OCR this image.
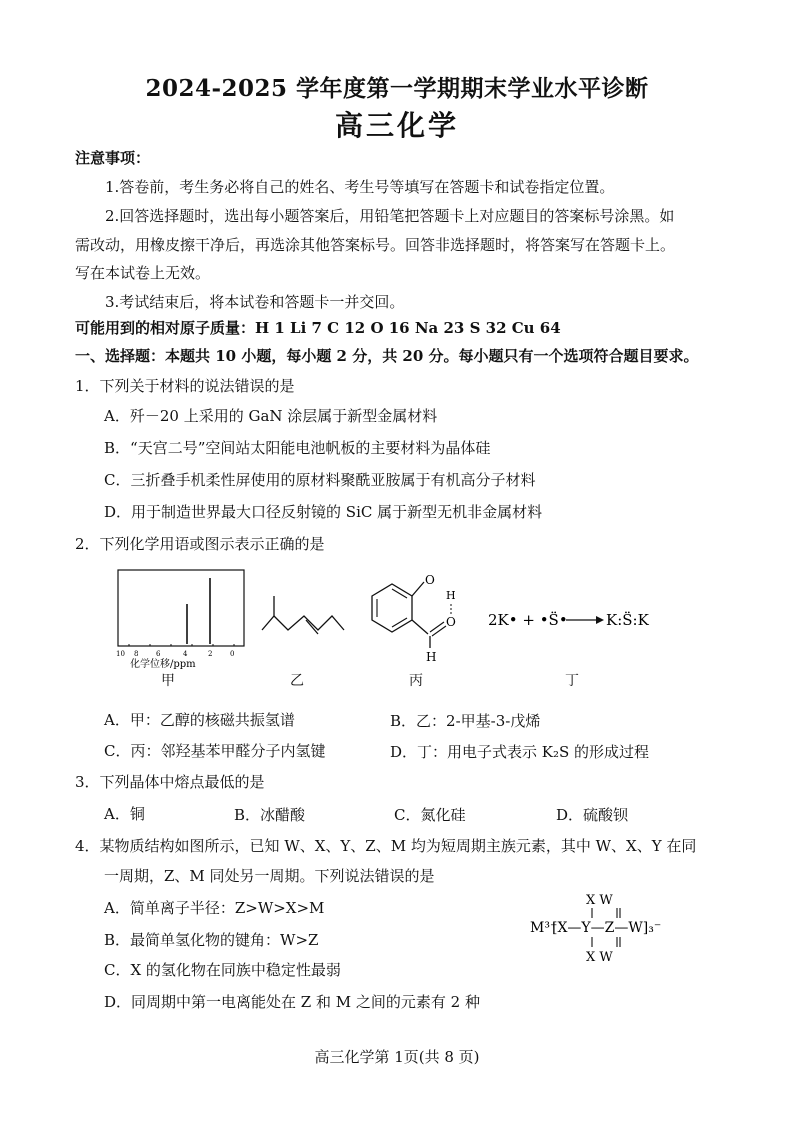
2024-2025 学年度第一学期期末学业水平诊断
高三化学
注意事项：
1.答卷前，考生务必将自己的姓名、考生号等填写在答题卡和试卷指定位置。
2.回答选择题时，选出每小题答案后，用铅笔把答题卡上对应题目的答案标号涂黑。如
需改动，用橡皮擦干净后，再选涂其他答案标号。回答非选择题时，将答案写在答题卡上。
写在本试卷上无效。
3.考试结束后，将本试卷和答题卡一并交回。
可能用到的相对原子质量：H 1 Li 7 C 12 O 16 Na 23 S 32 Cu 64
一、选择题：本题共 10 小题，每小题 2 分，共 20 分。每小题只有一个选项符合题目要求。
1．下列关于材料的说法错误的是
A．歼－20 上采用的 GaN 涂层属于新型金属材料
B．“天宫二号”空间站太阳能电池帆板的主要材料为晶体硅
C．三折叠手机柔性屏使用的原材料聚酰亚胺属于有机高分子材料
D．用于制造世界最大口径反射镜的 SiC 属于新型无机非金属材料
2．下列化学用语或图示表示正确的是
10 8	6	4	2	0
化学位移/ppm
甲	乙
O
H
O
H
丙
2K• + •S̈•	K:S̈:K
丁
A．甲：乙醇的核磁共振氢谱	B．乙：2-甲基-3-戊烯
C．丙：邻羟基苯甲醛分子内氢键	D．丁：用电子式表示 K₂S 的形成过程
3．下列晶体中熔点最低的是
A．铜	B．冰醋酸	C．氮化硅	D．硫酸钡
4．某物质结构如图所示，已知 W、X、Y、Z、M 均为短周期主族元素，其中 W、X、Y 在同
一周期，Z、M 同处另一周期。下列说法错误的是
A．简单离子半径：Z>W>X>M
B．最简单氢化物的键角：W>Z
C．X 的氢化物在同族中稳定性最弱
D．同周期中第一电离能处在 Z 和 M 之间的元素有 2 种
X W
M³⁺
[X—Y—Z—W]₃⁻
X W
高三化学第 1页(共 8 页)
